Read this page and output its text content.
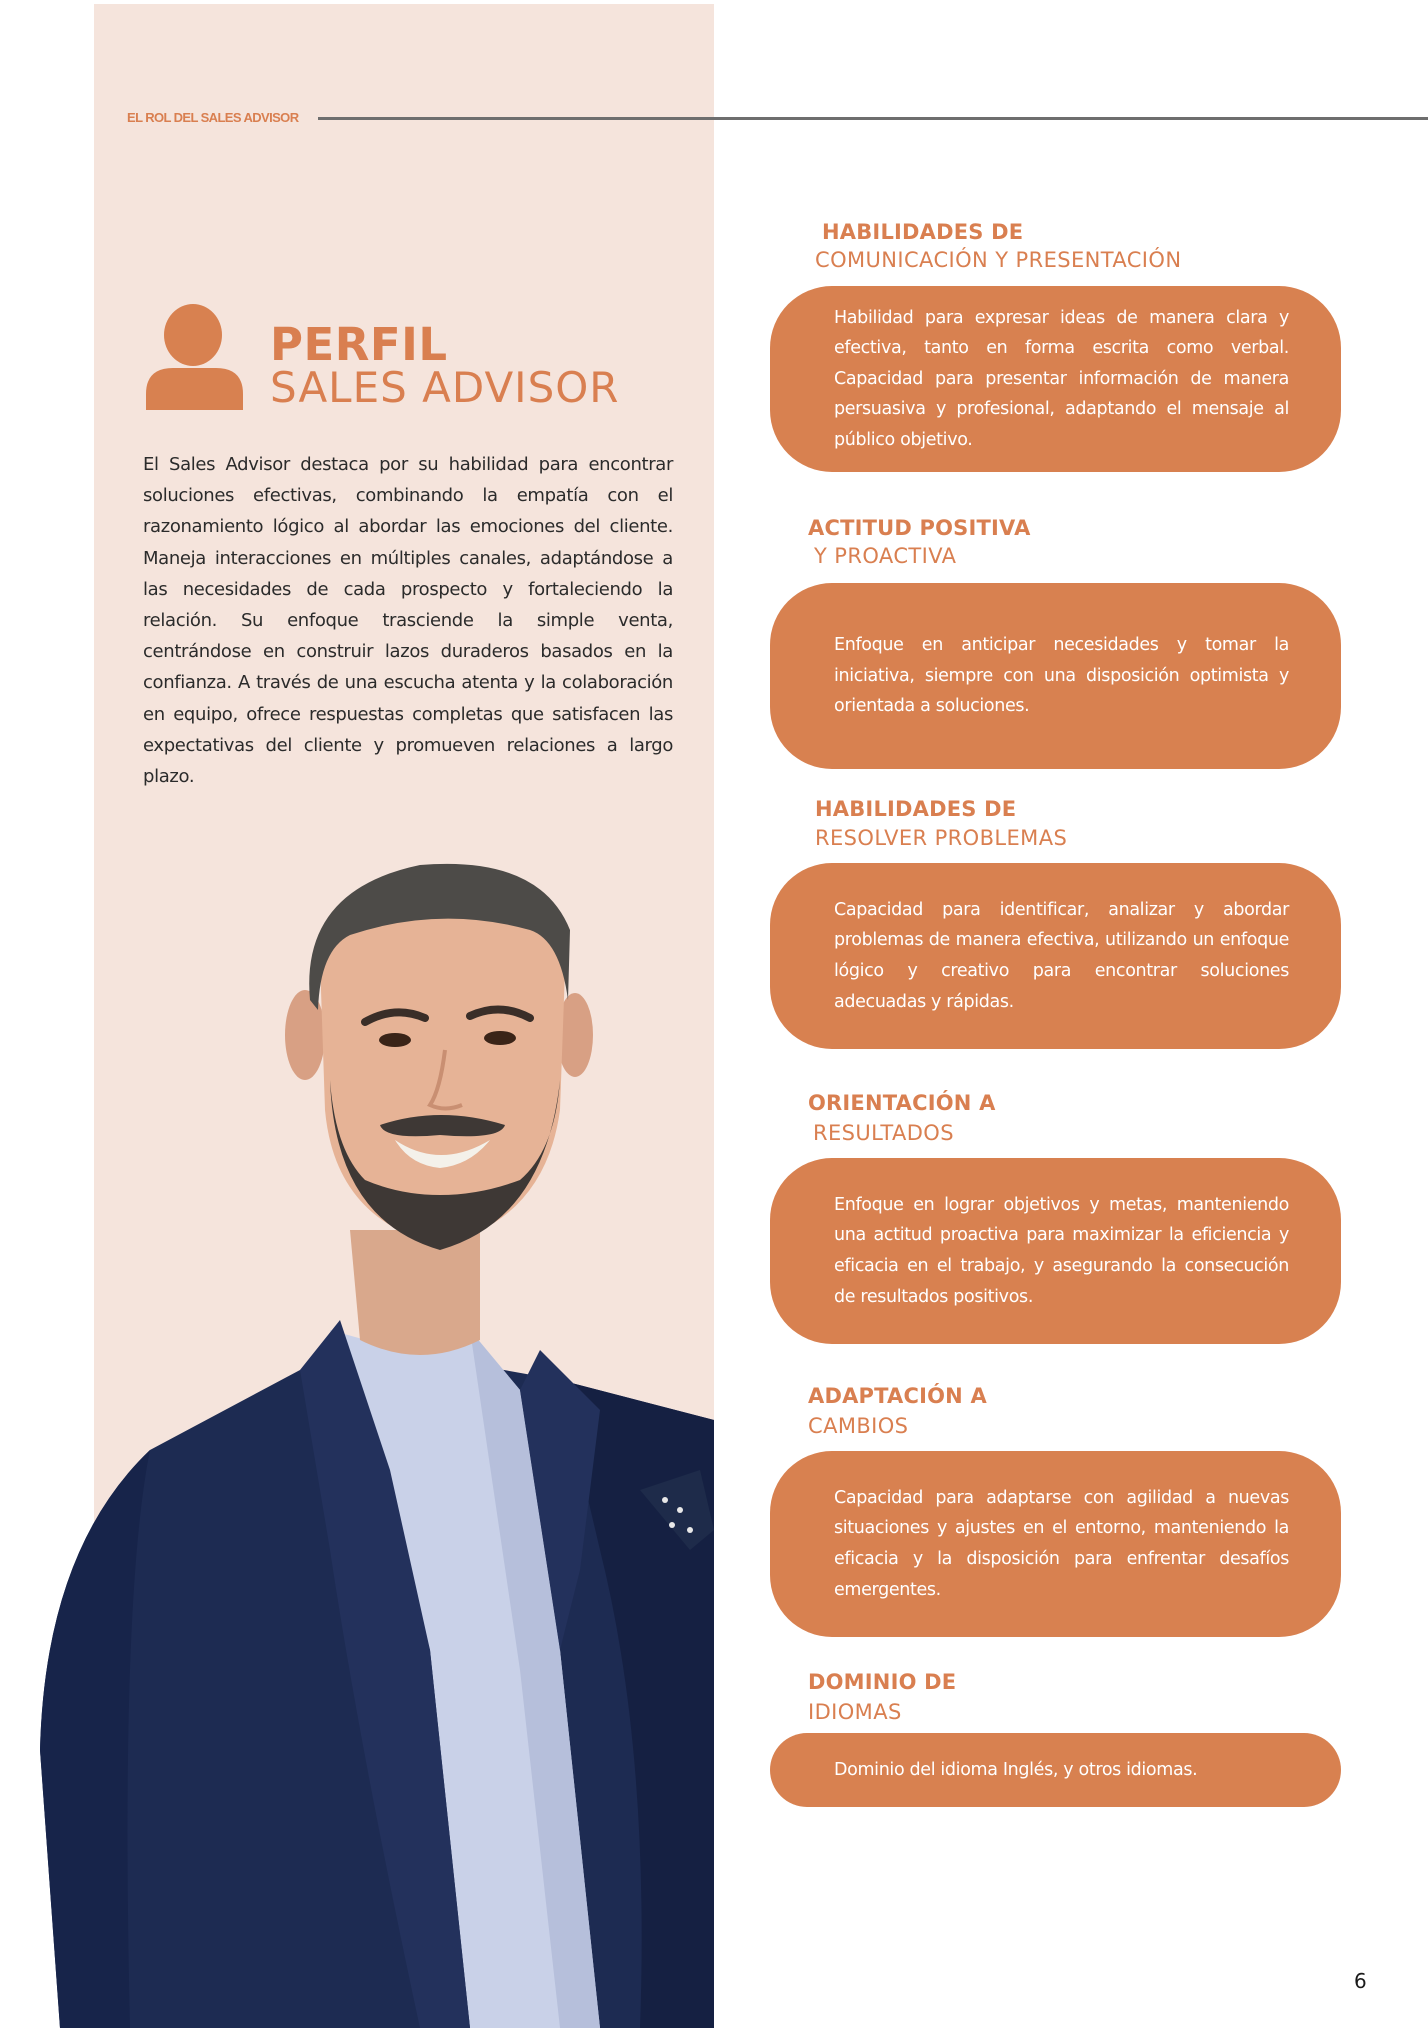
EL ROL DEL SALES ADVISOR
PERFIL
SALES ADVISOR

El Sales Advisor destaca por su habilidad para encontrar soluciones efectivas, combinando la empatía con el razonamiento lógico al abordar las emociones del cliente. Maneja interacciones en múltiples canales, adaptándose a las necesidades de cada prospecto y fortaleciendo la relación. Su enfoque trasciende la simple venta, centrándose en construir lazos duraderos basados en la confianza. A través de una escucha atenta y la colaboración en equipo, ofrece respuestas completas que satisfacen las expectativas del cliente y promueven relaciones a largo plazo.

HABILIDADES DE
COMUNICACIÓN Y PRESENTACIÓN

Habilidad para expresar ideas de manera clara y efectiva, tanto en forma escrita como verbal. Capacidad para presentar información de manera persuasiva y profesional, adaptando el mensaje al público objetivo.

ACTITUD POSITIVA
Y PROACTIVA

Enfoque en anticipar necesidades y tomar la iniciativa, siempre con una disposición optimista y orientada a soluciones.

HABILIDADES DE
RESOLVER PROBLEMAS

Capacidad para identificar, analizar y abordar problemas de manera efectiva, utilizando un enfoque lógico y creativo para encontrar soluciones adecuadas y rápidas.

ORIENTACIÓN A
RESULTADOS

Enfoque en lograr objetivos y metas, manteniendo una actitud proactiva para maximizar la eficiencia y eficacia en el trabajo, y asegurando la consecución de resultados positivos.

ADAPTACIÓN A
CAMBIOS

Capacidad para adaptarse con agilidad a nuevas situaciones y ajustes en el entorno, manteniendo la eficacia y la disposición para enfrentar desafíos emergentes.

DOMINIO DE
IDIOMAS

Dominio del idioma Inglés, y otros idiomas.

6
